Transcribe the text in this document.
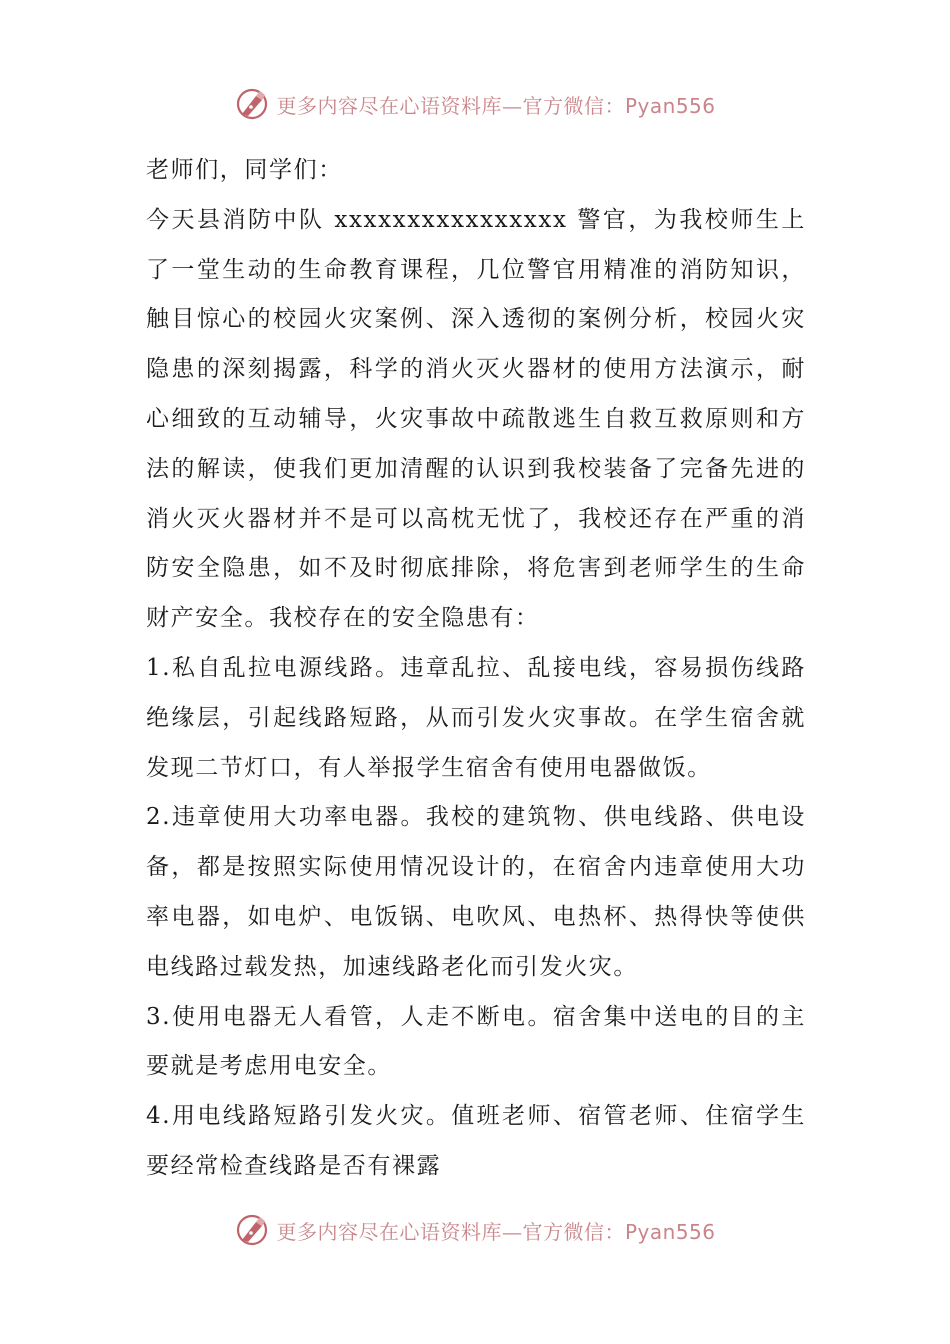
更多内容尽在心语资料库—官方微信：Pyan556

老师们，同学们：

今天县消防中队 xxxxxxxxxxxxxxxx 警官，为我校师生上了一堂生动的生命教育课程，几位警官用精准的消防知识，触目惊心的校园火灾案例、深入透彻的案例分析，校园火灾隐患的深刻揭露，科学的消火灭火器材的使用方法演示，耐心细致的互动辅导，火灾事故中疏散逃生自救互救原则和方法的解读，使我们更加清醒的认识到我校装备了完备先进的消火灭火器材并不是可以高枕无忧了，我校还存在严重的消防安全隐患，如不及时彻底排除，将危害到老师学生的生命财产安全。我校存在的安全隐患有：

1.私自乱拉电源线路。违章乱拉、乱接电线，容易损伤线路绝缘层，引起线路短路，从而引发火灾事故。在学生宿舍就发现二节灯口，有人举报学生宿舍有使用电器做饭。

2.违章使用大功率电器。我校的建筑物、供电线路、供电设备，都是按照实际使用情况设计的，在宿舍内违章使用大功率电器，如电炉、电饭锅、电吹风、电热杯、热得快等使供电线路过载发热，加速线路老化而引发火灾。

3.使用电器无人看管，人走不断电。宿舍集中送电的目的主要就是考虑用电安全。

4.用电线路短路引发火灾。值班老师、宿管老师、住宿学生要经常检查线路是否有裸露

更多内容尽在心语资料库—官方微信：Pyan556
